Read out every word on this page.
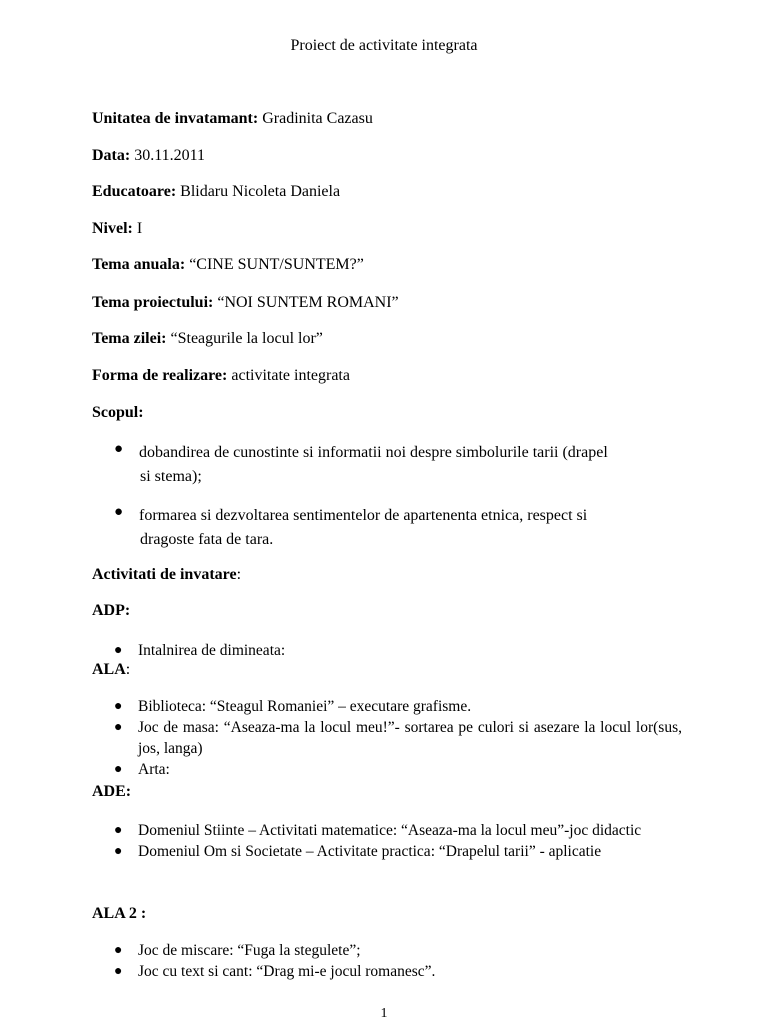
Proiect de activitate integrata
Unitatea de invatamant: Gradinita Cazasu
Data: 30.11.2011
Educatoare: Blidaru Nicoleta Daniela
Nivel: I
Tema anuala: “CINE SUNT/SUNTEM?”
Tema proiectului: “NOI SUNTEM ROMANI”
Tema zilei: “Steagurile la locul lor”
Forma de realizare: activitate integrata
Scopul:
● dobandirea de cunostinte si informatii noi despre simbolurile tarii (drapel
si stema);
● formarea si dezvoltarea sentimentelor de apartenenta etnica, respect si
dragoste fata de tara.
Activitati de invatare:
ADP:
● Intalnirea de dimineata:
ALA:
● Biblioteca: “Steagul Romaniei” – executare grafisme.
● Joc de masa: “Aseaza-ma la locul meu!”- sortarea pe culori si asezare la locul lor(sus, jos, langa)
● Arta:
ADE:
● Domeniul Stiinte – Activitati matematice: “Aseaza-ma la locul meu”-joc didactic
● Domeniul Om si Societate – Activitate practica: “Drapelul tarii” - aplicatie
ALA 2 :
● Joc de miscare: “Fuga la stegulete”;
● Joc cu text si cant: “Drag mi-e jocul romanesc”.
1
